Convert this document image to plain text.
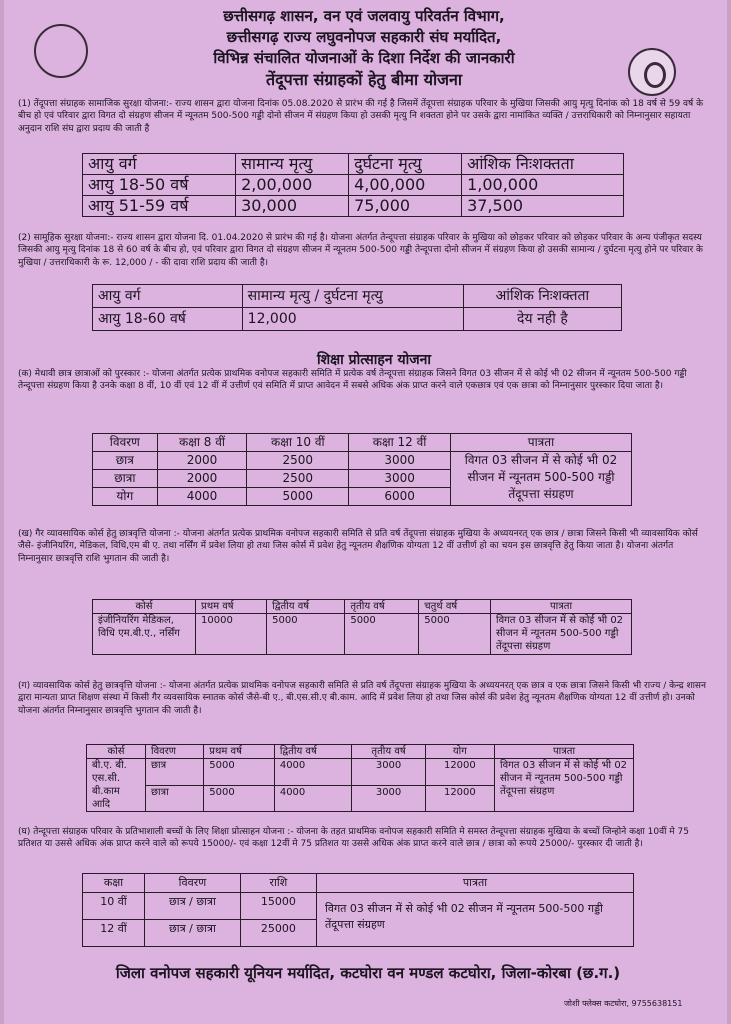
छत्तीसगढ़ शासन, वन एवं जलवायु परिवर्तन विभाग,
छत्तीसगढ़ राज्य लघुवनोपज सहकारी संघ मर्यादित,
विभिन्न संचालित योजनाओं के दिशा निर्देश की जानकारी
तेंदूपत्ता संग्राहकों हेतु बीमा योजना
(1) तेंदूपत्ता संग्राहक सामाजिक सुरक्षा योजना:- राज्य शासन द्वारा योजना दिनांक 05.08.2020 से प्रारंभ की गई है जिसमें तेंदूपत्ता संग्राहक परिवार के मुखिया जिसकी आयु मृत्यु दिनांक को 18 वर्ष से 59 वर्ष के बीच हो एवं परिवार द्वारा विगत दो संग्रहण सीजन में न्यूनतम 500-500 गड्डी दोनो सीजन में संग्रहण किया हो उसकी मृत्यु नि शक्तता होने पर उसके द्वारा नामांकित व्यक्ति / उत्तराधिकारी को निम्नानुसार सहायता अनुदान राशि संघ द्वारा प्रदाय की जाती है
आयु वर्ग	सामान्य मृत्यु	दुर्घटना मृत्यु	आंशिक निःशक्तता
आयु 18-50 वर्ष	2,00,000	4,00,000	1,00,000
आयु 51-59 वर्ष	30,000	75,000	37,500
(2) सामूहिक सुरक्षा योजना:- राज्य शासन द्वारा योजना दि. 01.04.2020 से प्रारंभ की गई है। योजना अंतर्गत तेन्दूपत्ता संग्राहक परिवार के मुखिया को छोड़कर परिवार को छोड़कर परिवार के अन्य पंजीकृत सदस्य जिसकी आयु मृत्यु दिनांक 18 से 60 वर्ष के बीच हो, एवं परिवार द्वारा विगत दो संग्रहण सीजन में न्यूनतम 500-500 गड्डी तेन्दूपत्ता दोनो सीजन में संग्रहण किया हो उसकी सामान्य / दुर्घटना मृत्यु होने पर परिवार के मुखिया / उत्तराधिकारी के रू. 12,000 / - की दावा राशि प्रदाय की जाती है।
आयु वर्ग	सामान्य मृत्यु / दुर्घटना मृत्यु	आंशिक निःशक्तता
आयु 18-60 वर्ष	12,000	देय नही है
शिक्षा प्रोत्साहन योजना
(क) मेधावी छात्र छात्राओं को पुरस्कार :- योजना अंतर्गत प्रत्येक प्राथमिक वनोपज सहकारी समिति में प्रत्येक वर्ष तेन्दूपत्ता संग्राहक जिसने विगत 03 सीजन में से कोई भी 02 सीजन में न्यूनतम 500-500 गड्डी तेन्दूपत्ता संग्रहण किया है उनके कक्षा 8 वीं, 10 वीं एवं 12 वीं में उत्तीर्ण एवं समिति में प्राप्त आवेदन में सबसे अधिक अंक प्राप्त करने वाले एकछात्र एवं एक छात्रा को निम्नानुसार पुरस्कार दिया जाता है।
विवरण	कक्षा 8 वीं	कक्षा 10 वीं	कक्षा 12 वीं	पात्रता
छात्र	2000	2500	3000	विगत 03 सीजन में से कोई भी 02 सीजन में न्यूनतम 500-500 गड्डी तेंदूपत्ता संग्रहण
छात्रा	2000	2500	3000	
योग	4000	5000	6000	
(ख) गैर व्यावसायिक कोर्स हेतु छात्रवृत्ति योजना :- योजना अंतर्गत प्रत्येक प्राथमिक वनोपज सहकारी समिति से प्रति वर्ष तेंदूपत्ता संग्राहक मुखिया के अध्ययनरत् एक छात्र / छात्रा जिसने किसी भी व्यावसायिक कोर्स जैसे- इंजीनियरिंग, मेडिकल, विधि,एम बी ए. तथा नर्सिंग में प्रवेश लिया हो तथा जिस कोर्स में प्रवेश हेतु न्यूनतम शैक्षणिक योग्यता 12 वीं उत्तीर्ण हो का चयन इस छात्रवृत्ति हेतु किया जाता है। योजना अंतर्गत निम्नानुसार छात्रवृत्ति राशि भुगतान की जाती है।
कोर्स	प्रथम वर्ष	द्वितीय वर्ष	तृतीय वर्ष	चतुर्थ वर्ष	पात्रता
इंजीनियरिंग मेडिकल, विधि एम.बी.ए., नर्सिंग	10000	5000	5000	5000	विगत 03 सीजन में से कोई भी 02 सीजन में न्यूनतम 500-500 गड्डी तेंदूपत्ता संग्रहण
(ग) व्यावसायिक कोर्स हेतु छात्रवृत्ति योजना :- योजना अंतर्गत प्रत्येक प्राथमिक वनोपज सहकारी समिति से प्रति वर्ष तेंदूपत्ता संग्राहक मुखिया के अध्ययनरत् एक छात्र व एक छात्रा जिसने किसी भी राज्य / केन्द्र शासन द्वारा मान्यता प्राप्त शिक्षण संस्था में किसी गैर व्यवसायिक स्नातक कोर्स जैसे-बी ए., बी.एस.सी.ए बी.काम. आदि में प्रवेश लिया हो तथा जिस कोर्स की प्रवेश हेतु न्यूनतम शैक्षणिक योग्यता 12 वीं उत्तीर्ण हो। उनको योजना अंतर्गत निम्नानुसार छात्रवृत्ति भुगतान की जाती है।
कोर्स	विवरण	प्रथम वर्ष	द्वितीय वर्ष	तृतीय वर्ष	योग	पात्रता
बी.ए. बी. एस.सी. बी.काम आदि	छात्र	5000	4000	3000	12000	विगत 03 सीजन में से कोई भी 02 सीजन में न्यूनतम 500-500 गड्डी तेंदूपत्ता संग्रहण
	छात्रा	5000	4000	3000	12000	
(घ) तेन्दूपत्ता संग्राहक परिवार के प्रतिभाशाली बच्चों के लिए शिक्षा प्रोत्साहन योजना :- योजना के तहत प्राथमिक वनोपज सहकारी समिति मे समस्त तेन्दूपत्ता संग्राहक मुखिया के बच्चों जिन्होने कक्षा 10वीं मे 75 प्रतिशत या उससे अधिक अंक प्राप्त करने वाले को रूपये 15000/- एवं कक्षा 12वीं मे 75 प्रतिशत या उससे अधिक अंक प्राप्त करने वाले छात्र / छात्रा को रूपये 25000/- पुरस्कार दी जाती है।
कक्षा	विवरण	राशि	पात्रता
10 वीं	छात्र / छात्रा	15000	विगत 03 सीजन में से कोई भी 02 सीजन में न्यूनतम 500-500 गड्डी तेंदूपत्ता संग्रहण
12 वीं	छात्र / छात्रा	25000	
जिला वनोपज सहकारी यूनियन मर्यादित, कटघोरा वन मण्डल कटघोरा, जिला-कोरबा (छ.ग.)
जोशी फ्लेक्स कटघोरा, 9755638151
